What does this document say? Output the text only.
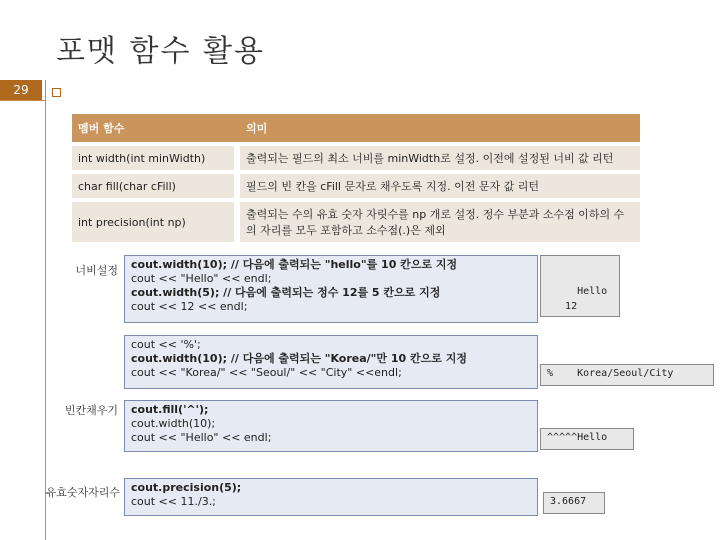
포맷 함수 활용
29
멤버 함수		의미
int width(int minWidth)		출력되는 필드의 최소 너비를 minWidth로 설정. 이전에 설정된 너비 값 리턴
char fill(char cFill)		필드의 빈 칸을 cFill 문자로 채우도록 지정. 이전 문자 값 리턴
int precision(int np)		출력되는 수의 유효 숫자 자릿수를 np 개로 설정. 정수 부분과 소수점 이하의 수의 자리를 모두 포함하고 소수점(.)은 제외
너비설정	cout.width(10); // 다음에 출력되는 "hello"를 10 칸으로 지정
cout << "Hello" << endl;
cout.width(5); // 다음에 출력되는 정수 12를 5 칸으로 지정
cout << 12 << endl;
Hello
12
cout << '%';
cout.width(10); // 다음에 출력되는 "Korea/"만 10 칸으로 지정
cout << "Korea/" << "Seoul/" << "City" <<endl;	%    Korea/Seoul/City
빈칸채우기	cout.fill('^');
cout.width(10);
cout << "Hello" << endl;	^^^^^Hello
유효숫자자리수	cout.precision(5);
cout << 11./3.;	3.6667
